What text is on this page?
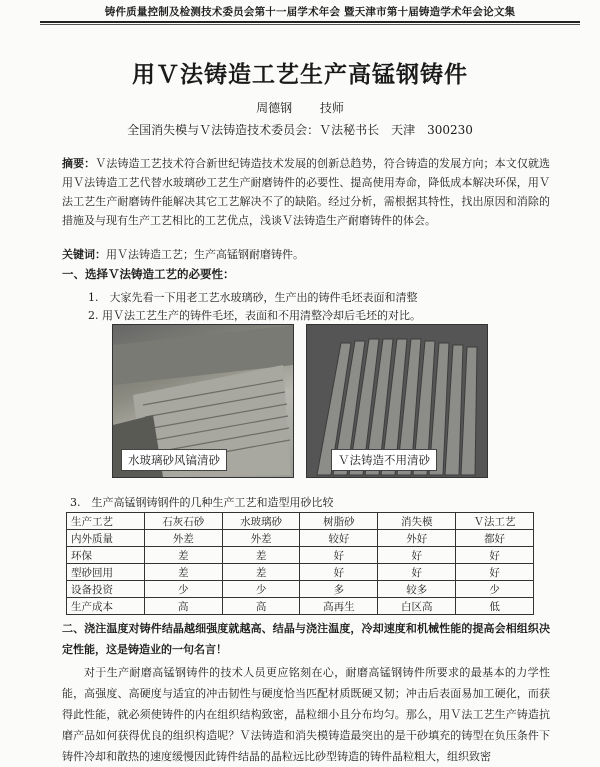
铸件质量控制及检测技术委员会第十一届学术年会 暨天津市第十届铸造学术年会论文集
用Ｖ法铸造工艺生产高锰钢铸件
周德钢 技师
全国消失模与Ｖ法铸造技术委员会：Ｖ法秘书长　天津　300230
摘要：Ｖ法铸造工艺技术符合新世纪铸造技术发展的创新总趋势，符合铸造的发展方向；本文仅就选用Ｖ法铸造工艺代替水玻璃砂工艺生产耐磨铸件的必要性、提高使用寿命，降低成本解决环保，用Ｖ法工艺生产耐磨铸件能解决其它工艺解决不了的缺陷。经过分析，需根据其特性，找出原因和消除的措施及与现有生产工艺相比的工艺优点，浅谈Ｖ法铸造生产耐磨铸件的体会。
关键词：用Ｖ法铸造工艺；生产高锰钢耐磨铸件。
一、选择Ｖ法铸造工艺的必要性：
1.　大家先看一下用老工艺水玻璃砂，生产出的铸件毛坯表面和清整
2. 用Ｖ法工艺生产的铸件毛坯，表面和不用清整冷却后毛坯的对比。
水玻璃砂风镐清砂	Ｖ法铸造不用清砂
3.　生产高锰钢铸钢件的几种生产工艺和造型用砂比较
生产工艺	石灰石砂	水玻璃砂	树脂砂	消失模	Ｖ法工艺
内外质量	外差	外差	较好	外好	都好
环保	差	差	好	好	好
型砂回用	差	差	好	好	好
设备投资	少	少	多	较多	少
生产成本	高	高	高再生	白区高	低
二、浇注温度对铸件结晶越细强度就越高、结晶与浇注温度，冷却速度和机械性能的提高会相组织决定性能，这是铸造业的一句名言！
对于生产耐磨高锰钢铸件的技术人员更应铭刻在心，耐磨高锰钢铸件所要求的最基本的力学性能，高强度、高硬度与适宜的冲击韧性与硬度恰当匹配材质既硬又韧；冲击后表面易加工硬化，而获得此性能，就必须使铸件的内在组织结构致密，晶粒细小且分布均匀。那么，用Ｖ法工艺生产铸造抗磨产品如何获得优良的组织构造呢？Ｖ法铸造和消失模铸造最突出的是干砂填充的铸型在负压条件下铸件冷却和散热的速度缓慢因此铸件结晶的晶粒远比砂型铸造的铸件晶粒粗大，组织致密
